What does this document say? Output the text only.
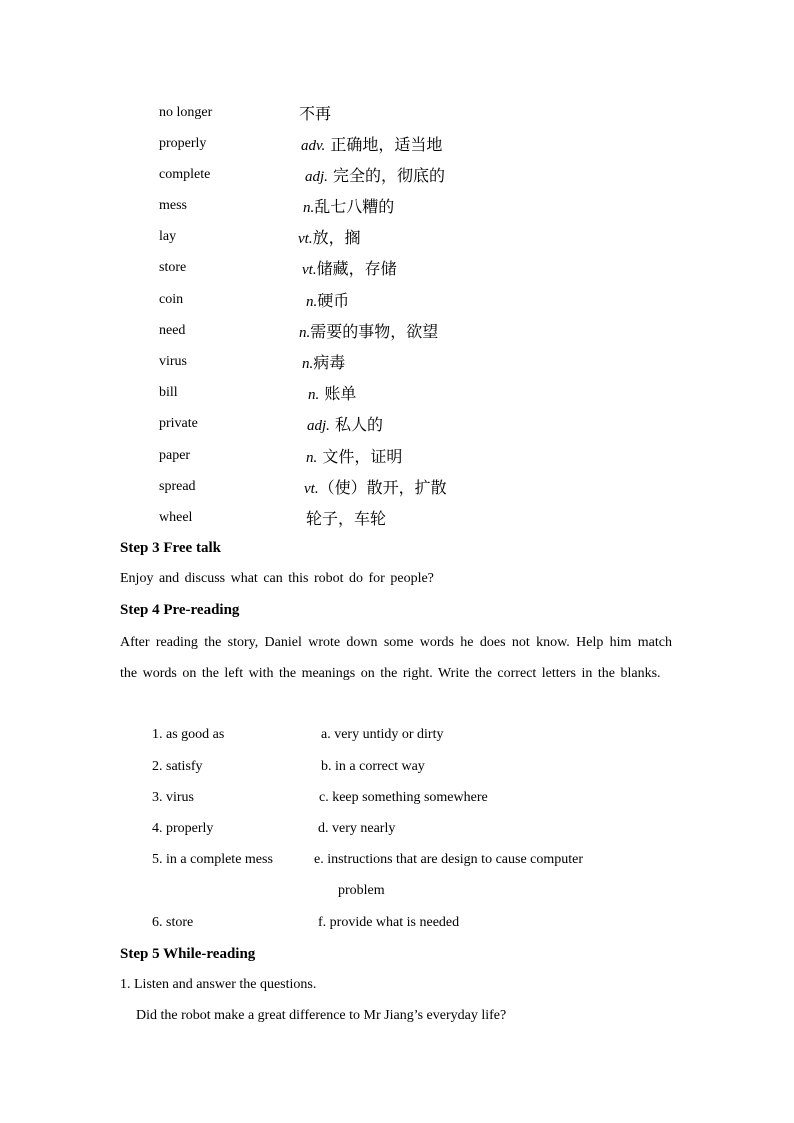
no longer	不再
properly	adv. 正确地，适当地
complete	adj. 完全的，彻底的
mess	n.乱七八糟的
lay	vt.放，搁
store	vt.储藏，存储
coin	n.硬币
need	n.需要的事物，欲望
virus	n.病毒
bill	n. 账单
private	adj. 私人的
paper	n. 文件，证明
spread	vt.（使）散开，扩散
wheel	轮子，车轮
Step 3 Free talk
Enjoy and discuss what can this robot do for people?
Step 4 Pre-reading
After reading the story, Daniel wrote down some words he does not know. Help him match the words on the left with the meanings on the right. Write the correct letters in the blanks.
1. as good as	a. very untidy or dirty
2. satisfy	b. in a correct way
3. virus	c. keep something somewhere
4. properly	d. very nearly
5. in a complete mess	e. instructions that are design to cause computer
problem
6. store	f. provide what is needed
Step 5 While-reading
1. Listen and answer the questions.
Did the robot make a great difference to Mr Jiang’s everyday life?
